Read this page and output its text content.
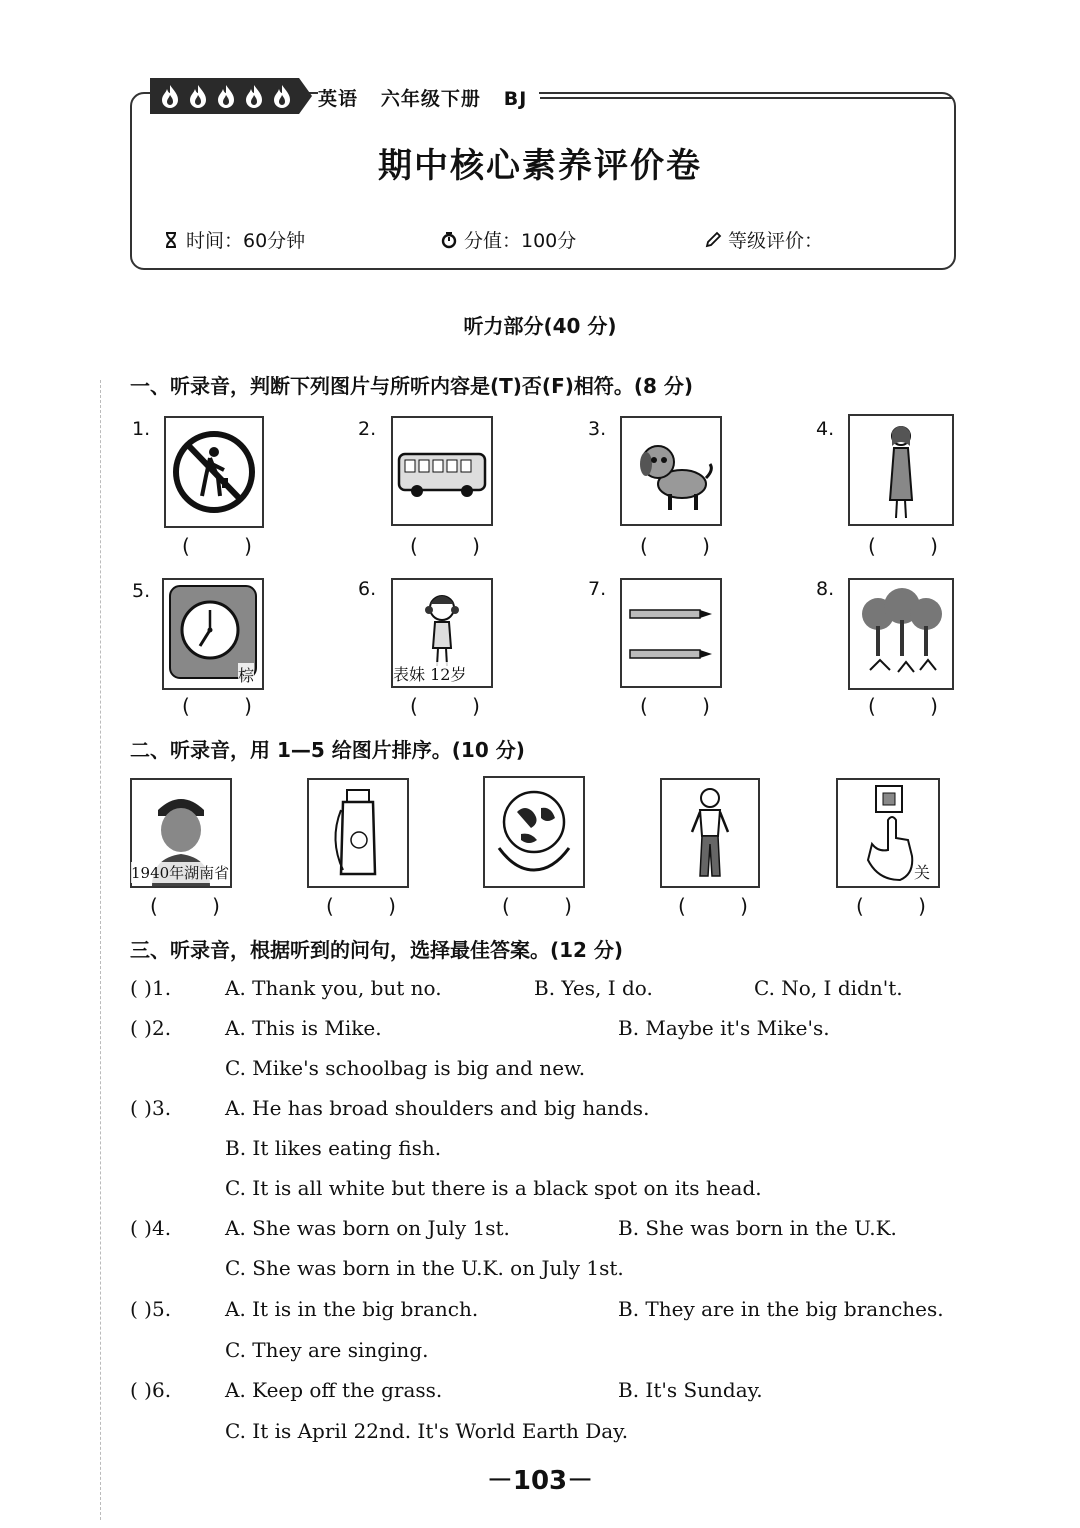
英语 六年级下册 BJ
期中核心素养评价卷
时间：60分钟	分值：100分	等级评价：
听力部分(40 分)
一、听录音，判断下列图片与所听内容是(T)否(F)相符。(8 分)
1.
( )
2.
( )
3.
( )
4.
( )
5.
棕
( )
6.
表妹 12岁
( )
7.
( )
8.
( )
二、听录音，用 1—5 给图片排序。(10 分)
1940年湖南省
( )	( )	( )	( )
关
( )
三、听录音，根据听到的问句，选择最佳答案。(12 分)
( )1.	A. Thank you, but no.	B. Yes, I do.	C. No, I didn't.
( )2.	A. This is Mike.	B. Maybe it's Mike's.
C. Mike's schoolbag is big and new.
( )3.	A. He has broad shoulders and big hands.
B. It likes eating fish.
C. It is all white but there is a black spot on its head.
( )4.	A. She was born on July 1st.	B. She was born in the U.K.
C. She was born in the U.K. on July 1st.
( )5.	A. It is in the big branch.	B. They are in the big branches.
C. They are singing.
( )6.	A. Keep off the grass.	B. It's Sunday.
C. It is April 22nd. It's World Earth Day.
－103－
